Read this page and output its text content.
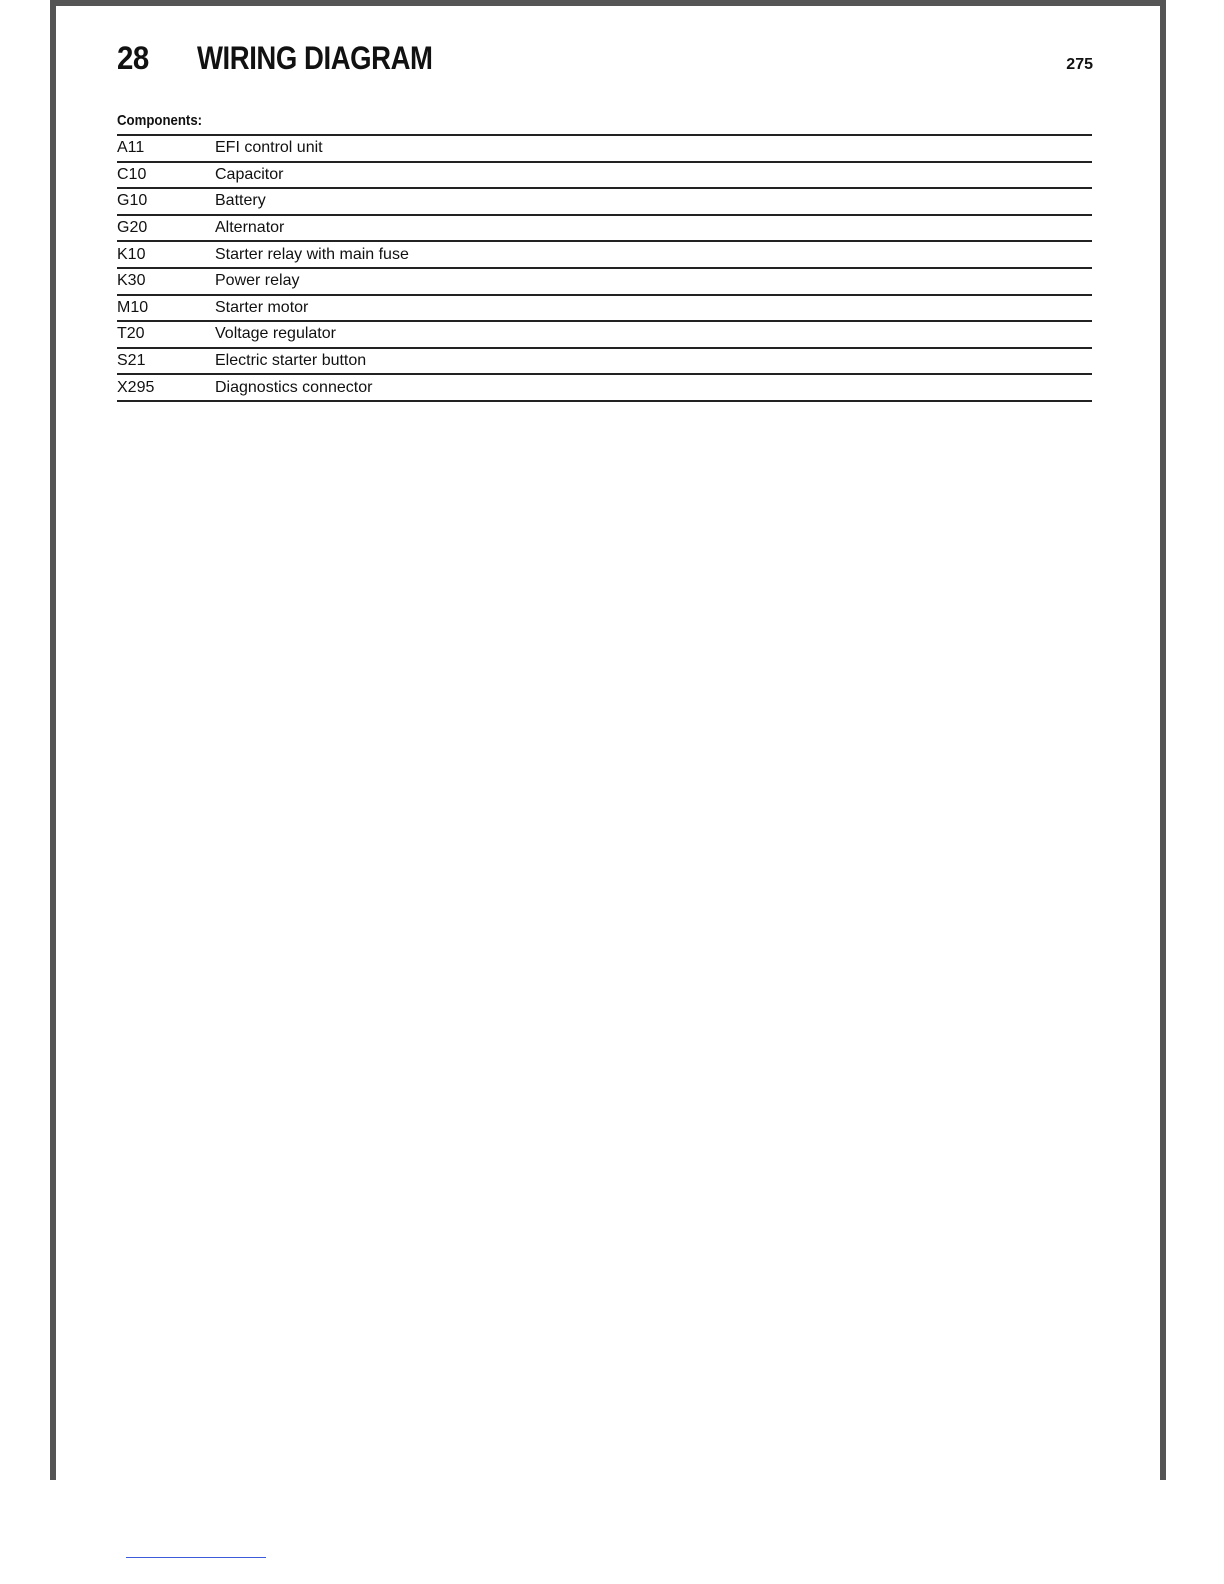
28 WIRING DIAGRAM	275
Components:
A11	EFI control unit
C10	Capacitor
G10	Battery
G20	Alternator
K10	Starter relay with main fuse
K30	Power relay
M10	Starter motor
T20	Voltage regulator
S21	Electric starter button
X295	Diagnostics connector
